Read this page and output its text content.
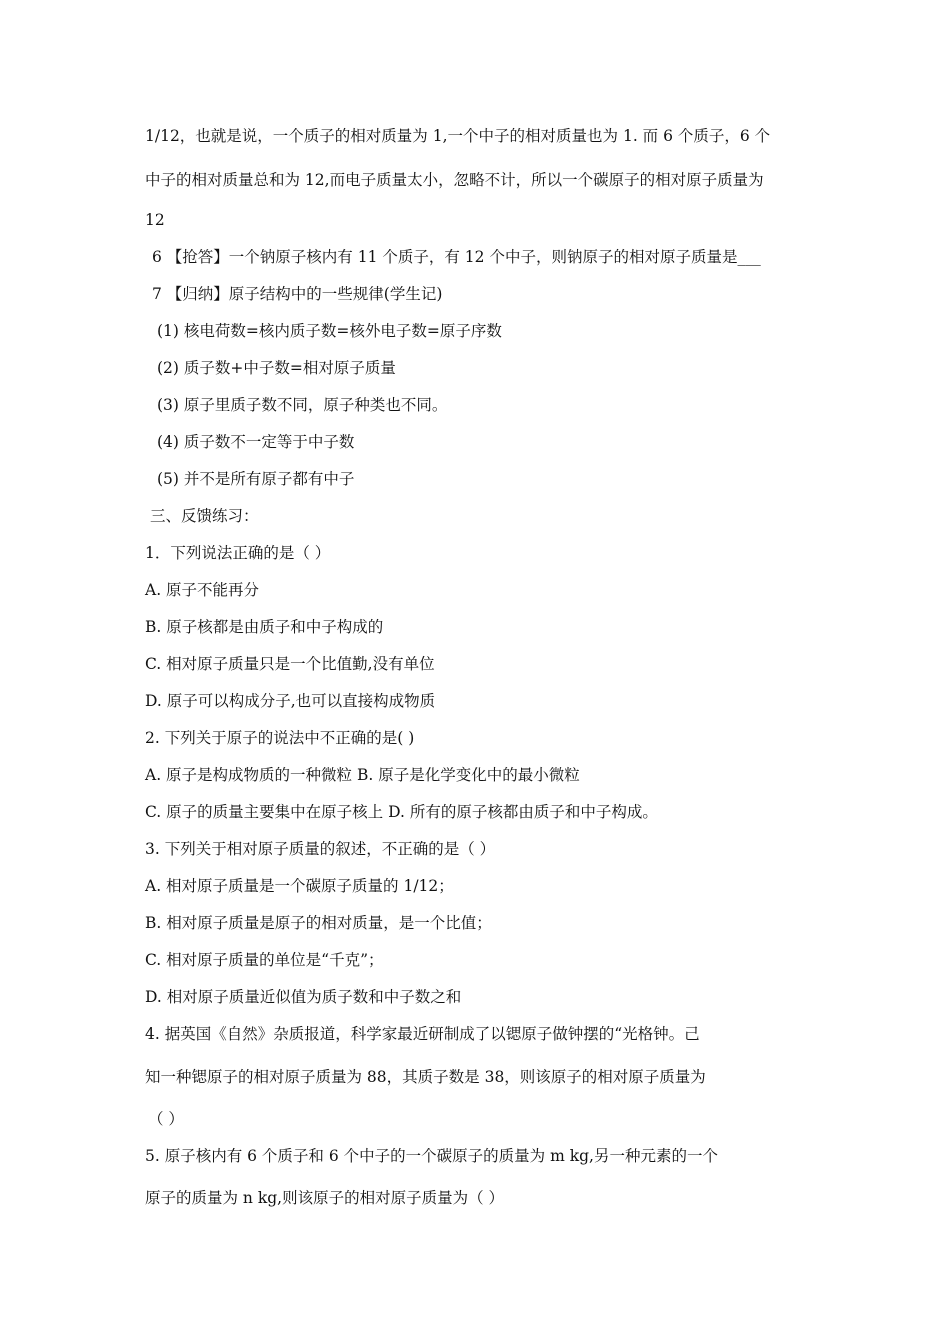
1/12，也就是说，一个质子的相对质量为 1,一个中子的相对质量也为 1. 而 6 个质子，6 个
中子的相对质量总和为 12,而电子质量太小，忽略不计，所以一个碳原子的相对原子质量为
12
6 【抢答】一个钠原子核内有 11 个质子，有 12 个中子，则钠原子的相对原子质量是___
7 【归纳】原子结构中的一些规律(学生记)
(1) 核电荷数=核内质子数=核外电子数=原子序数
(2) 质子数+中子数=相对原子质量
(3) 原子里质子数不同，原子种类也不同。
(4) 质子数不一定等于中子数
(5) 并不是所有原子都有中子
三、反馈练习：
1．下列说法正确的是（ ）
A. 原子不能再分
B. 原子核都是由质子和中子构成的
C. 相对原子质量只是一个比值勤,没有单位
D. 原子可以构成分子,也可以直接构成物质
2. 下列关于原子的说法中不正确的是( )
A. 原子是构成物质的一种微粒 B. 原子是化学变化中的最小微粒
C. 原子的质量主要集中在原子核上 D. 所有的原子核都由质子和中子构成。
3. 下列关于相对原子质量的叙述，不正确的是（ ）
A. 相对原子质量是一个碳原子质量的 1/12；
B. 相对原子质量是原子的相对质量，是一个比值；
C. 相对原子质量的单位是“千克”；
D. 相对原子质量近似值为质子数和中子数之和
4. 据英国《自然》杂质报道，科学家最近研制成了以锶原子做钟摆的“光格钟。己
知一种锶原子的相对原子质量为 88，其质子数是 38，则该原子的相对原子质量为
（ ）
5. 原子核内有 6 个质子和 6 个中子的一个碳原子的质量为 m kg,另一种元素的一个
原子的质量为 n kg,则该原子的相对原子质量为（ ）
